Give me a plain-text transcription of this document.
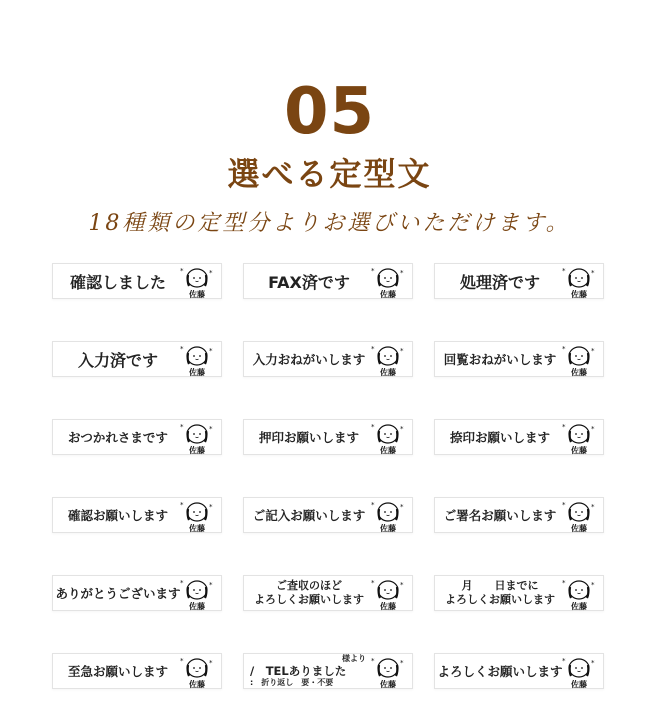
05
選べる定型文
18種類の定型分よりお選びいただけます。
確認しました
*	*
佐藤
FAX済です
*	*
佐藤
処理済です
*	*
佐藤
入力済です
*	*
佐藤
入力おねがいします
*	*
佐藤
回覧おねがいします
*	*
佐藤
おつかれさまです
*	*
佐藤
押印お願いします
*	*
佐藤
捺印お願いします
*	*
佐藤
確認お願いします
*	*
佐藤
ご記入お願いします
*	*
佐藤
ご署名お願いします
*	*
佐藤
ありがとうございます
*	*
佐藤
ご査収のほど
よろしくお願いします
*	*
佐藤
月　　日までに
よろしくお願いします
*	*
佐藤
至急お願いします
*	*
佐藤
様より
/　TELありました
:　折り返し　要・不要
*	*
佐藤
よろしくお願いします
*	*
佐藤
